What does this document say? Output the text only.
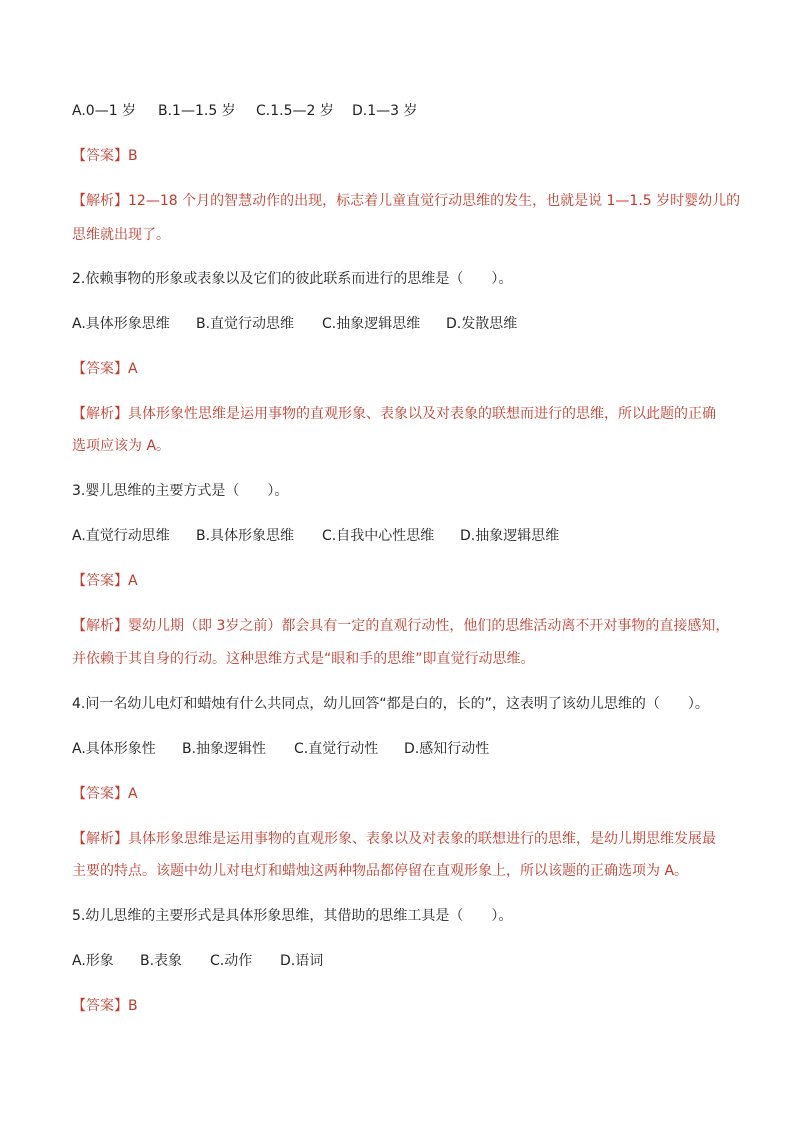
A.0—1 岁 B.1—1.5 岁 C.1.5—2 岁 D.1—3 岁
【答案】B
【解析】12—18 个月的智慧动作的出现，标志着儿童直觉行动思维的发生，也就是说 1—1.5 岁时婴幼儿的
思维就出现了。
2.依赖事物的形象或表象以及它们的彼此联系而进行的思维是（　　）。
A.具体形象思维 B.直觉行动思维 C.抽象逻辑思维 D.发散思维
【答案】A
【解析】具体形象性思维是运用事物的直观形象、表象以及对表象的联想而进行的思维，所以此题的正确
选项应该为 A。
3.婴儿思维的主要方式是（　　）。
A.直觉行动思维 B.具体形象思维 C.自我中心性思维 D.抽象逻辑思维
【答案】A
【解析】婴幼儿期（即 3岁之前）都会具有一定的直观行动性，他们的思维活动离不开对事物的直接感知，
并依赖于其自身的行动。这种思维方式是“眼和手的思维”即直觉行动思维。
4.问一名幼儿电灯和蜡烛有什么共同点，幼儿回答“都是白的，长的”，这表明了该幼儿思维的（　　）。
A.具体形象性 B.抽象逻辑性 C.直觉行动性 D.感知行动性
【答案】A
【解析】具体形象思维是运用事物的直观形象、表象以及对表象的联想进行的思维，是幼儿期思维发展最
主要的特点。该题中幼儿对电灯和蜡烛这两种物品都停留在直观形象上，所以该题的正确选项为 A。
5.幼儿思维的主要形式是具体形象思维，其借助的思维工具是（　　）。
A.形象 B.表象 C.动作 D.语词
【答案】B
